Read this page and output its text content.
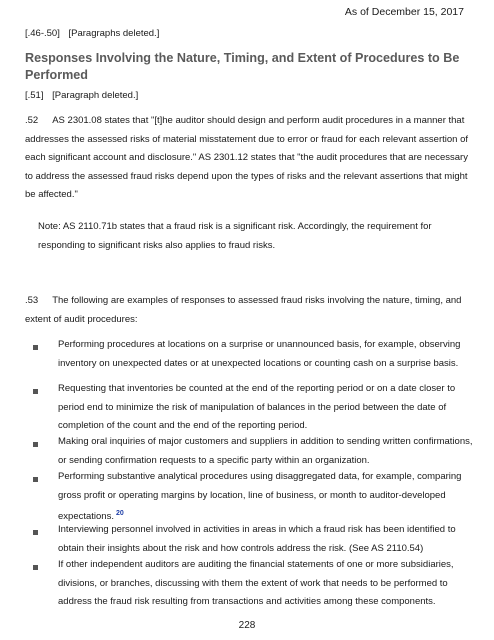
As of December 15, 2017
[.46-.50] [Paragraphs deleted.]
Responses Involving the Nature, Timing, and Extent of Procedures to Be Performed
[.51] [Paragraph deleted.]
.52 AS 2301.08 states that "[t]he auditor should design and perform audit procedures in a manner that addresses the assessed risks of material misstatement due to error or fraud for each relevant assertion of each significant account and disclosure." AS 2301.12 states that "the audit procedures that are necessary to address the assessed fraud risks depend upon the types of risks and the relevant assertions that might be affected."
Note: AS 2110.71b states that a fraud risk is a significant risk. Accordingly, the requirement for responding to significant risks also applies to fraud risks.
.53 The following are examples of responses to assessed fraud risks involving the nature, timing, and extent of audit procedures:
Performing procedures at locations on a surprise or unannounced basis, for example, observing inventory on unexpected dates or at unexpected locations or counting cash on a surprise basis.
Requesting that inventories be counted at the end of the reporting period or on a date closer to period end to minimize the risk of manipulation of balances in the period between the date of completion of the count and the end of the reporting period.
Making oral inquiries of major customers and suppliers in addition to sending written confirmations, or sending confirmation requests to a specific party within an organization.
Performing substantive analytical procedures using disaggregated data, for example, comparing gross profit or operating margins by location, line of business, or month to auditor-developed expectations. $^{20}$
Interviewing personnel involved in activities in areas in which a fraud risk has been identified to obtain their insights about the risk and how controls address the risk. (See AS 2110.54)
If other independent auditors are auditing the financial statements of one or more subsidiaries, divisions, or branches, discussing with them the extent of work that needs to be performed to address the fraud risk resulting from transactions and activities among these components.
228
